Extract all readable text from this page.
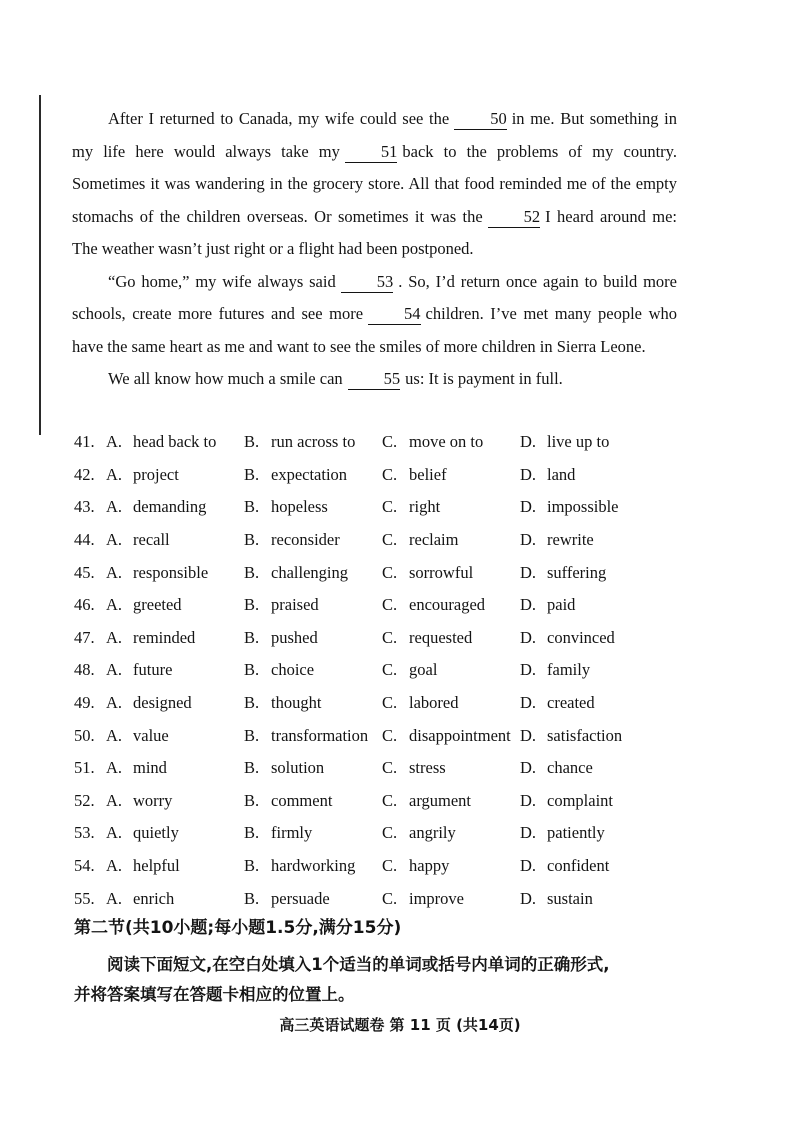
After I returned to Canada, my wife could see the 50 in me. But something in my life here would always take my 51 back to the problems of my country. Sometimes it was wandering in the grocery store. All that food reminded me of the empty stomachs of the children overseas. Or sometimes it was the 52 I heard around me: The weather wasn’t just right or a flight had been postponed.

“Go home,” my wife always said 53 . So, I’d return once again to build more schools, create more futures and see more 54 children. I’ve met many people who have the same heart as me and want to see the smiles of more children in Sierra Leone.

We all know how much a smile can 55 us: It is payment in full.

41. A. head back to B. run across to C. move on to D. live up to
42. A. project	B. expectation C. belief	D. land
43. A. demanding B. hopeless	C. right	D. impossible
44. A. recall	B. reconsider	C. reclaim	D. rewrite
45. A. responsible B. challenging C. sorrowful	D. suffering
46. A. greeted	B. praised	C. encouraged D. paid
47. A. reminded	B. pushed	C. requested	D. convinced
48. A. future	B. choice	C. goal	D. family
49. A. designed	B. thought	C. labored	D. created
50. A. value	B. transformation C. disappointment D. satisfaction
51. A. mind	B. solution	C. stress	D. chance
52. A. worry	B. comment	C. argument	D. complaint
53. A. quietly	B. firmly	C. angrily	D. patiently
54. A. helpful	B. hardworking C. happy	D. confident
55. A. enrich	B. persuade	C. improve	D. sustain
第二节(共10小题;每小题1.5分,满分15分)
阅读下面短文,在空白处填入1个适当的单词或括号内单词的正确形式,
并将答案填写在答题卡相应的位置上。
高三英语试题卷 第 11 页 (共14页)
